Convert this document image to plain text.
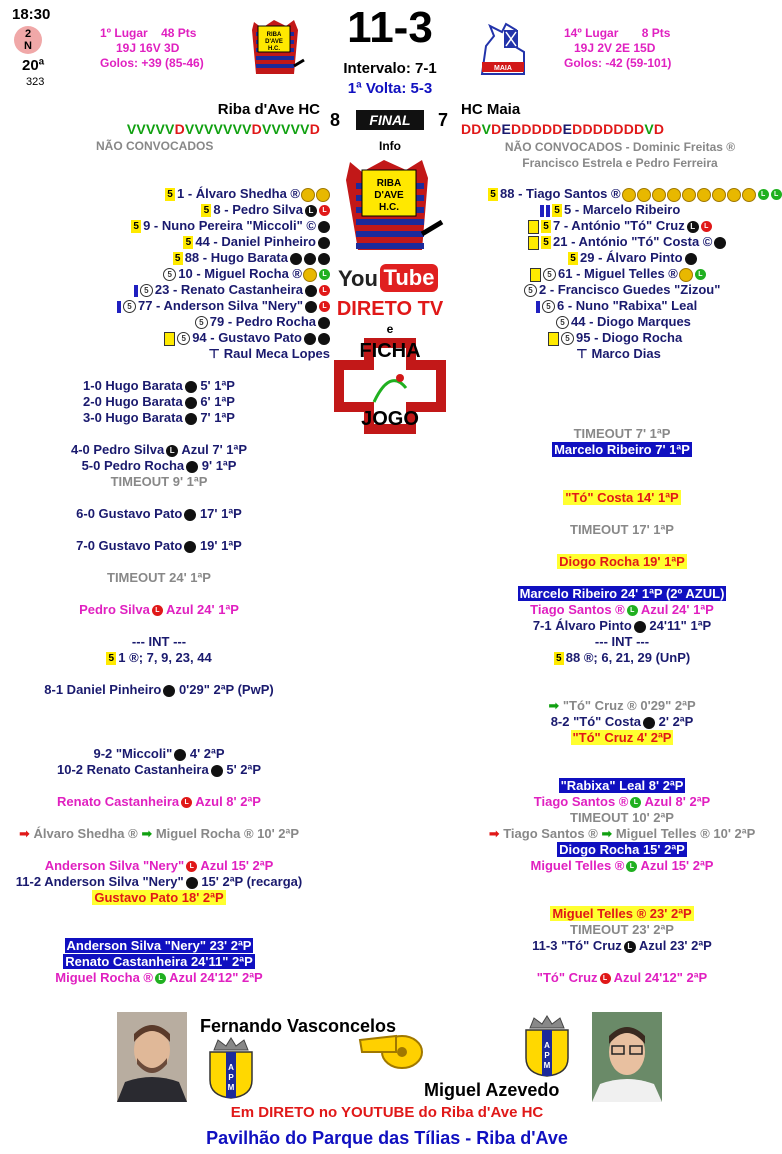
18:30
2
N
20ª
323
1º Lugar 48 Pts
19J 16V 3D
Golos: +39 (85-46)
RIBA
D'AVE
H.C.	11-3
Intervalo: 7-1
1ª Volta: 5-3
MAIA
14º Lugar 8 Pts
19J 2V 2E 15D
Golos: -42 (59-101)
Riba d'Ave HC	HC Maia
8	FINAL	7
VVVVVDVVVVVVVDVVVVVD	DDVDEDDDDDEDDDDDDDVD
NÃO CONVOCADOS	Info	NÃO CONVOCADOS - Dominic Freitas ®
Francisco Estrela e Pedro Ferreira
RIBA
D'AVE
H.C.
You Tube
DIRETO TV
e
FICHA
JOGO
5 1 - Álvaro Shedha ®
5 8 - Pedro Silva L L
5 9 - Nuno Pereira "Miccoli" ©
5 44 - Daniel Pinheiro
5 88 - Hugo Barata
5 10 - Miguel Rocha ®	L
5 23 - Renato Castanheira	L
5 77 - Anderson Silva "Nery"	L
5 79 - Pedro Rocha
5 94 - Gustavo Pato
⊤ Raul Meca Lopes
5 88 - Tiago Santos ®	L L
5 5 - Marcelo Ribeiro
5 7 - António "Tó" Cruz L L
5 21 - António "Tó" Costa ©
5 29 - Álvaro Pinto
5 61 - Miguel Telles ®	L
5 2 - Francisco Guedes "Zizou"
5 6 - Nuno "Rabixa" Leal
5 44 - Diogo Marques
5 95 - Diogo Rocha
⊤ Marco Dias
1-0 Hugo Barata 5' 1ªP
2-0 Hugo Barata 6' 1ªP
3-0 Hugo Barata 7' 1ªP
4-0 Pedro Silva L Azul 7' 1ªP
5-0 Pedro Rocha 9' 1ªP
TIMEOUT 9' 1ªP
6-0 Gustavo Pato 17' 1ªP
7-0 Gustavo Pato 19' 1ªP
TIMEOUT 24' 1ªP
Pedro Silva L Azul 24' 1ªP
--- INT ---
5 1 ®; 7, 9, 23, 44
8-1 Daniel Pinheiro 0'29" 2ªP (PwP)
9-2 "Miccoli" 4' 2ªP
10-2 Renato Castanheira 5' 2ªP
Renato Castanheira L Azul 8' 2ªP
➡ Álvaro Shedha ® ➡ Miguel Rocha ® 10' 2ªP
Anderson Silva "Nery" L Azul 15' 2ªP
11-2 Anderson Silva "Nery" 15' 2ªP (recarga)
Gustavo Pato 18' 2ªP
Anderson Silva "Nery" 23' 2ªP
Renato Castanheira 24'11" 2ªP
Miguel Rocha ® L Azul 24'12" 2ªP
TIMEOUT 7' 1ªP
Marcelo Ribeiro 7' 1ªP
"Tó" Costa 14' 1ªP
TIMEOUT 17' 1ªP
Diogo Rocha 19' 1ªP
Marcelo Ribeiro 24' 1ªP (2º AZUL)
Tiago Santos ® L Azul 24' 1ªP
7-1 Álvaro Pinto 24'11" 1ªP
--- INT ---
5 88 ®; 6, 21, 29 (UnP)
➡ "Tó" Cruz ® 0'29" 2ªP
8-2 "Tó" Costa 2' 2ªP
"Tó" Cruz 4' 2ªP
"Rabixa" Leal 8' 2ªP
Tiago Santos ® L Azul 8' 2ªP
TIMEOUT 10' 2ªP
➡ Tiago Santos ® ➡ Miguel Telles ® 10' 2ªP
Diogo Rocha 15' 2ªP
Miguel Telles ® L Azul 15' 2ªP
Miguel Telles ® 23' 2ªP
TIMEOUT 23' 2ªP
11-3 "Tó" Cruz L Azul 23' 2ªP
"Tó" Cruz L Azul 24'12" 2ªP
Fernando Vasconcelos
A
P
M
A
P
M
Miguel Azevedo
Em DIRETO no YOUTUBE do Riba d'Ave HC
Pavilhão do Parque das Tílias - Riba d'Ave
